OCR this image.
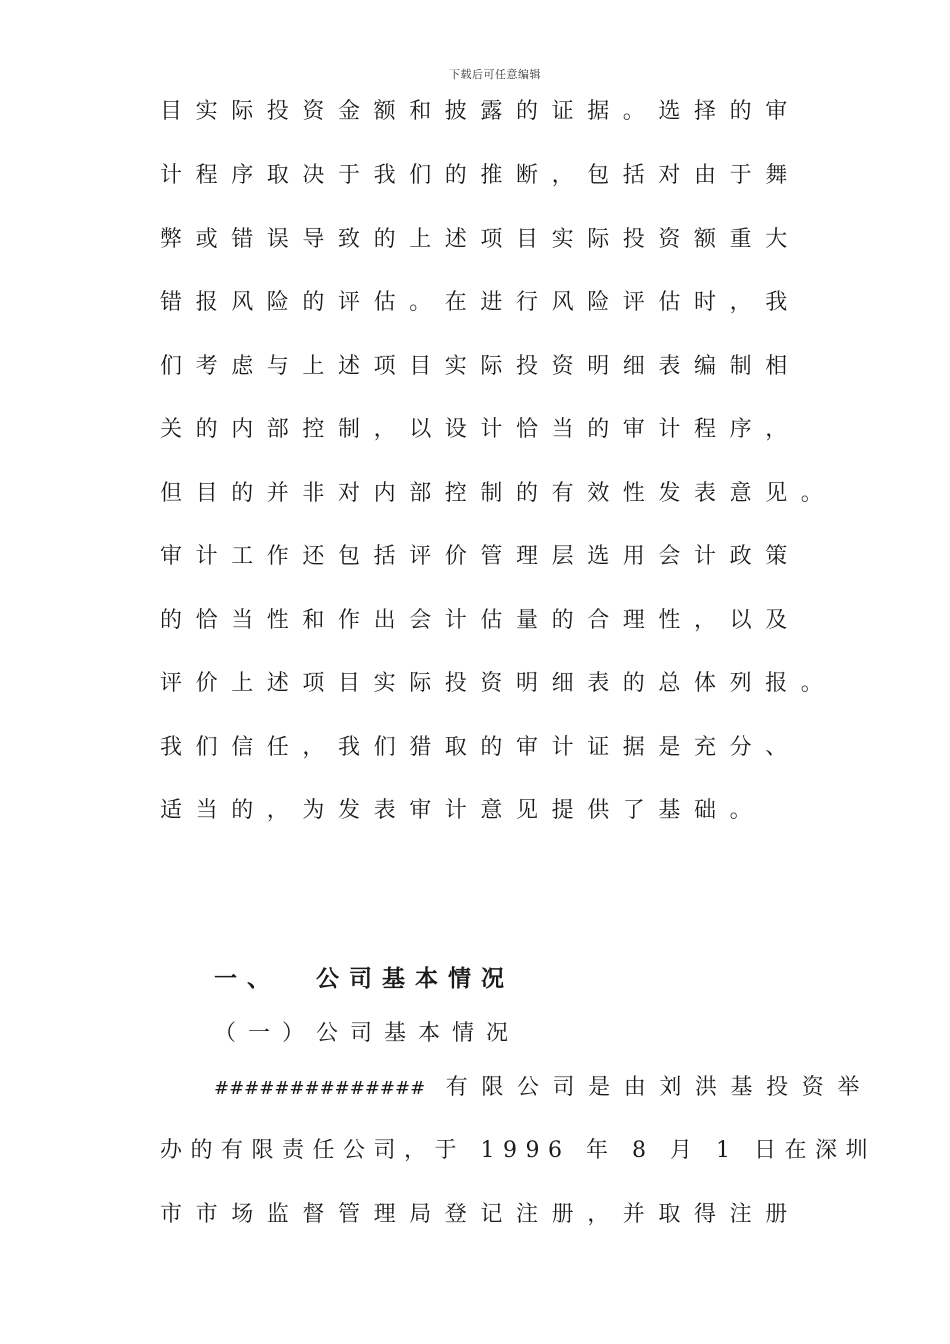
下载后可任意编辑
目实际投资金额和披露的证据。选择的审
计程序取决于我们的推断，包括对由于舞
弊或错误导致的上述项目实际投资额重大
错报风险的评估。在进行风险评估时，我
们考虑与上述项目实际投资明细表编制相
关的内部控制，以设计恰当的审计程序，
但目的并非对内部控制的有效性发表意见。
审计工作还包括评价管理层选用会计政策
的恰当性和作出会计估量的合理性，以及
评价上述项目实际投资明细表的总体列报。
我们信任，我们猎取的审计证据是充分、
适当的，为发表审计意见提供了基础。
一、 公司基本情况
（一）公司基本情况
############## 有限公司是由刘洪基投资举
办的有限责任公司，于 1996 年 8 月 1 日在深圳
市市场监督管理局登记注册，并取得注册
